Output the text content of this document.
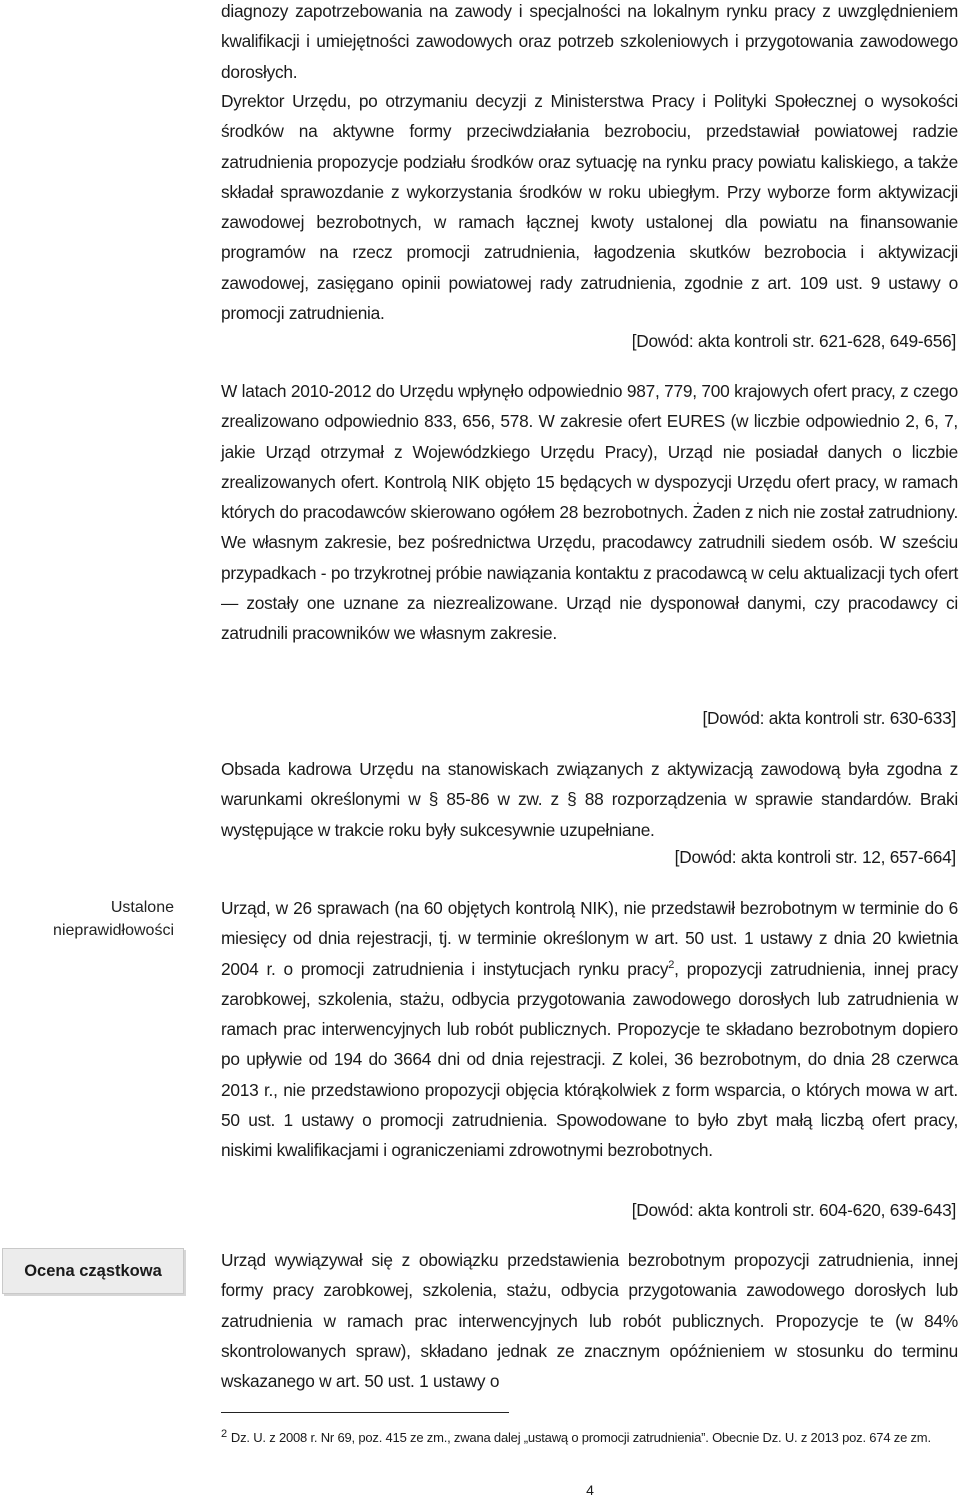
diagnozy zapotrzebowania na zawody i specjalności na lokalnym rynku pracy z uwzględnieniem kwalifikacji i umiejętności zawodowych oraz potrzeb szkoleniowych i przygotowania zawodowego dorosłych.

Dyrektor Urzędu, po otrzymaniu decyzji z Ministerstwa Pracy i Polityki Społecznej o wysokości środków na aktywne formy przeciwdziałania bezrobociu, przedstawiał powiatowej radzie zatrudnienia propozycje podziału środków oraz sytuację na rynku pracy powiatu kaliskiego, a także składał sprawozdanie z wykorzystania środków w roku ubiegłym. Przy wyborze form aktywizacji zawodowej bezrobotnych, w ramach łącznej kwoty ustalonej dla powiatu na finansowanie programów na rzecz promocji zatrudnienia, łagodzenia skutków bezrobocia i aktywizacji zawodowej, zasięgano opinii powiatowej rady zatrudnienia, zgodnie z art. 109 ust. 9 ustawy o promocji zatrudnienia.

[Dowód: akta kontroli str. 621-628, 649-656]

W latach 2010-2012 do Urzędu wpłynęło odpowiednio 987, 779, 700 krajowych ofert pracy, z czego zrealizowano odpowiednio 833, 656, 578. W zakresie ofert EURES (w liczbie odpowiednio 2, 6, 7, jakie Urząd otrzymał z Wojewódzkiego Urzędu Pracy), Urząd nie posiadał danych o liczbie zrealizowanych ofert. Kontrolą NIK objęto 15 będących w dyspozycji Urzędu ofert pracy, w ramach których do pracodawców skierowano ogółem 28 bezrobotnych. Żaden z nich nie został zatrudniony. We własnym zakresie, bez pośrednictwa Urzędu, pracodawcy zatrudnili siedem osób. W sześciu przypadkach - po trzykrotnej próbie nawiązania kontaktu z pracodawcą w celu aktualizacji tych ofert — zostały one uznane za niezrealizowane. Urząd nie dysponował danymi, czy pracodawcy ci zatrudnili pracowników we własnym zakresie.

[Dowód: akta kontroli str. 630-633]

Obsada kadrowa Urzędu na stanowiskach związanych z aktywizacją zawodową była zgodna z warunkami określonymi w § 85-86 w zw. z § 88 rozporządzenia w sprawie standardów. Braki występujące w trakcie roku były sukcesywnie uzupełniane.

[Dowód: akta kontroli str. 12, 657-664]
Ustalone nieprawidłowości

Urząd, w 26 sprawach (na 60 objętych kontrolą NIK), nie przedstawił bezrobotnym w terminie do 6 miesięcy od dnia rejestracji, tj. w terminie określonym w art. 50 ust. 1 ustawy z dnia 20 kwietnia 2004 r. o promocji zatrudnienia i instytucjach rynku pracy$^2$, propozycji zatrudnienia, innej pracy zarobkowej, szkolenia, stażu, odbycia przygotowania zawodowego dorosłych lub zatrudnienia w ramach prac interwencyjnych lub robót publicznych. Propozycje te składano bezrobotnym dopiero po upływie od 194 do 3664 dni od dnia rejestracji. Z kolei, 36 bezrobotnym, do dnia 28 czerwca 2013 r., nie przedstawiono propozycji objęcia którąkolwiek z form wsparcia, o których mowa w art. 50 ust. 1 ustawy o promocji zatrudnienia. Spowodowane to było zbyt małą liczbą ofert pracy, niskimi kwalifikacjami i ograniczeniami zdrowotnymi bezrobotnych.

[Dowód: akta kontroli str. 604-620, 639-643]
Ocena cząstkowa

Urząd wywiązywał się z obowiązku przedstawienia bezrobotnym propozycji zatrudnienia, innej formy pracy zarobkowej, szkolenia, stażu, odbycia przygotowania zawodowego dorosłych lub zatrudnienia w ramach prac interwencyjnych lub robót publicznych. Propozycje te (w 84% skontrolowanych spraw), składano jednak ze znacznym opóźnieniem w stosunku do terminu wskazanego w art. 50 ust. 1 ustawy o

$^2$ Dz. U. z 2008 r. Nr 69, poz. 415 ze zm., zwana dalej „ustawą o promocji zatrudnienia”. Obecnie Dz. U. z 2013 poz. 674 ze zm.
4
